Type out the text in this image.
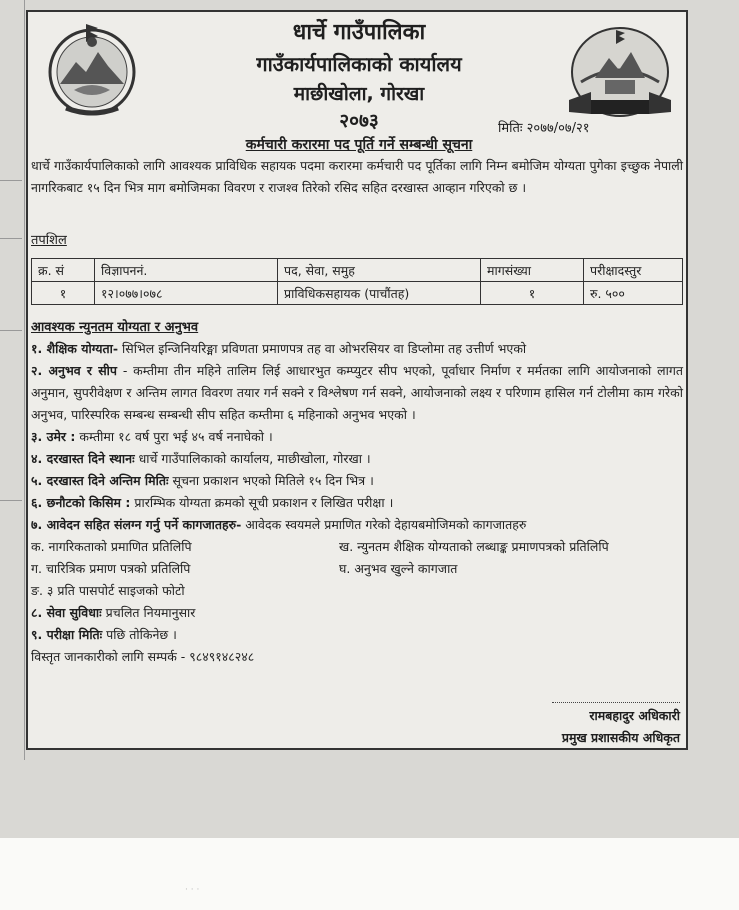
धार्चे गाउँपालिका
गाउँकार्यपालिकाको कार्यालय
माछीखोला, गोरखा
२०७३	मितिः २०७७/०७/२१
कर्मचारी करारमा पद पूर्ति गर्ने सम्बन्धी सूचना
धार्चे गाउँकार्यपालिकाको लागि आवश्यक प्राविधिक सहायक पदमा करारमा कर्मचारी पद पूर्तिका लागि निम्न बमोजिम योग्यता पुगेका इच्छुक नेपाली नागरिकबाट १५ दिन भित्र माग बमोजिमका विवरण र राजश्व तिरेको रसिद सहित दरखास्त आव्हान गरिएको छ ।
तपशिल
क्र. सं	विज्ञापननं.	पद, सेवा, समुह	मागसंख्या	परीक्षादस्तुर
१	१२।०७७।०७८	प्राविधिकसहायक (पाचौंतह)	१	रु. ५००
आवश्यक न्युनतम योग्यता र अनुभव

१. शैक्षिक योग्यता- सिभिल इन्जिनियरिङ्मा प्रविणता प्रमाणपत्र तह वा ओभरसियर वा डिप्लोमा तह उत्तीर्ण भएको

२. अनुभव र सीप - कम्तीमा तीन महिने तालिम लिई आधारभुत कम्प्युटर सीप भएको, पूर्वाधार निर्माण र मर्मतका लागि आयोजनाको लागत अनुमान, सुपरीवेक्षण र अन्तिम लागत विवरण तयार गर्न सक्ने र विश्लेषण गर्न सक्ने, आयोजनाको लक्ष्य र परिणाम हासिल गर्न टोलीमा काम गरेको अनुभव, पारिस्परिक सम्बन्ध सम्बन्धी सीप सहित कम्तीमा ६ महिनाको अनुभव भएको ।

३. उमेर : कम्तीमा १८ वर्ष पुरा भई ४५ वर्ष ननाघेको ।

४. दरखास्त दिने स्थानः धार्चे गाउँपालिकाको कार्यालय, माछीखोला, गोरखा ।

५. दरखास्त दिने अन्तिम मितिः सूचना प्रकाशन भएको मितिले १५ दिन भित्र ।

६. छनौटको किसिम : प्रारम्भिक योग्यता क्रमको सूची प्रकाशन र लिखित परीक्षा ।

७. आवेदन सहित संलग्न गर्नु पर्ने कागजातहरु- आवेदक स्वयमले प्रमाणित गरेको देहायबमोजिमको कागजातहरु

क. नागरिकताको प्रमाणित प्रतिलिपि	ख. न्युनतम शैक्षिक योग्यताको लब्धाङ्क प्रमाणपत्रको प्रतिलिपि

ग. चारित्रिक प्रमाण पत्रको प्रतिलिपि	घ. अनुभव खुल्ने कागजात

ङ. ३ प्रति पासपोर्ट साइजको फोटो

८. सेवा सुविधाः प्रचलित नियमानुसार

९. परीक्षा मितिः पछि तोकिनेछ ।

विस्तृत जानकारीको लागि सम्पर्क - ९८४९१४८२४८

रामबहादुर अधिकारी
प्रमुख प्रशासकीय अधिकृत
· · ·
